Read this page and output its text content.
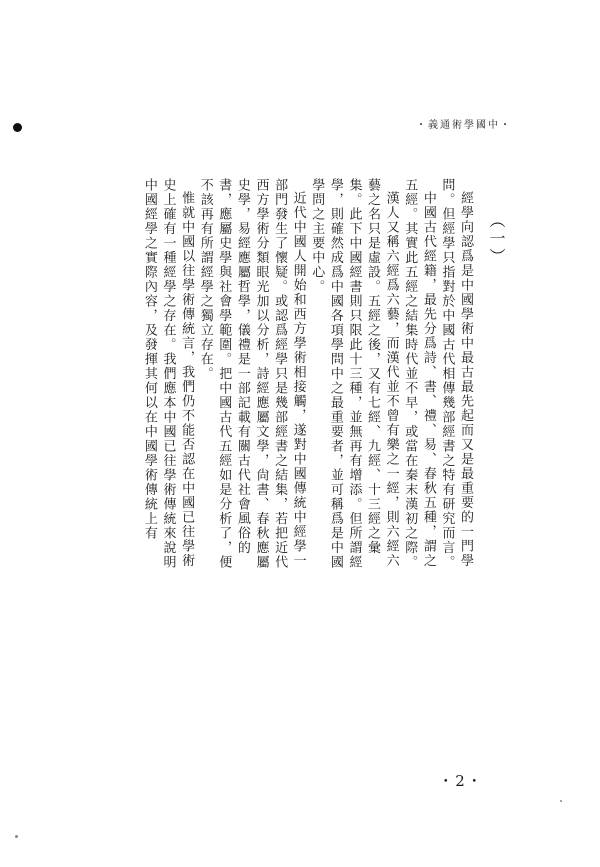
・義通術學國中・
（一）

經學向認爲是中國學術中最古最先起而又是最重要的一門學問。但經學只指對於中國古代相傳幾部經書之特有研究而言。

中國古代經籍，最先分爲詩、書、禮、易、春秋五種，謂之五經。其實此五經之結集時代並不早，或當在秦末漢初之際。

漢人又稱六經爲六藝，而漢代並不曾有樂之一經，則六經六藝之名只是虛設。五經之後，又有七經、九經、十三經之彙集。此下中國經書則只限此十三種，並無再有增添。但所謂經學，則確然成爲中國各項學問中之最重要者，並可稱爲是中國學問之主要中心。

近代中國人開始和西方學術相接觸，遂對中國傳統中經學一部門發生了懷疑。或認爲經學只是幾部經書之結集，若把近代西方學術分類眼光加以分析，詩經應屬文學，尙書、春秋應屬史學，易經應屬哲學，儀禮是一部記載有關古代社會風俗的書，應屬史學與社會學範圍。把中國古代五經如是分析了，便不該再有所謂經學之獨立存在。

惟就中國以往學術傳統言，我們仍不能否認在中國已往學術史上確有一種經學之存在。我們應本中國已往學術傳統來說明中國經學之實際內容，及發揮其何以在中國學術傳統上有

・2・
